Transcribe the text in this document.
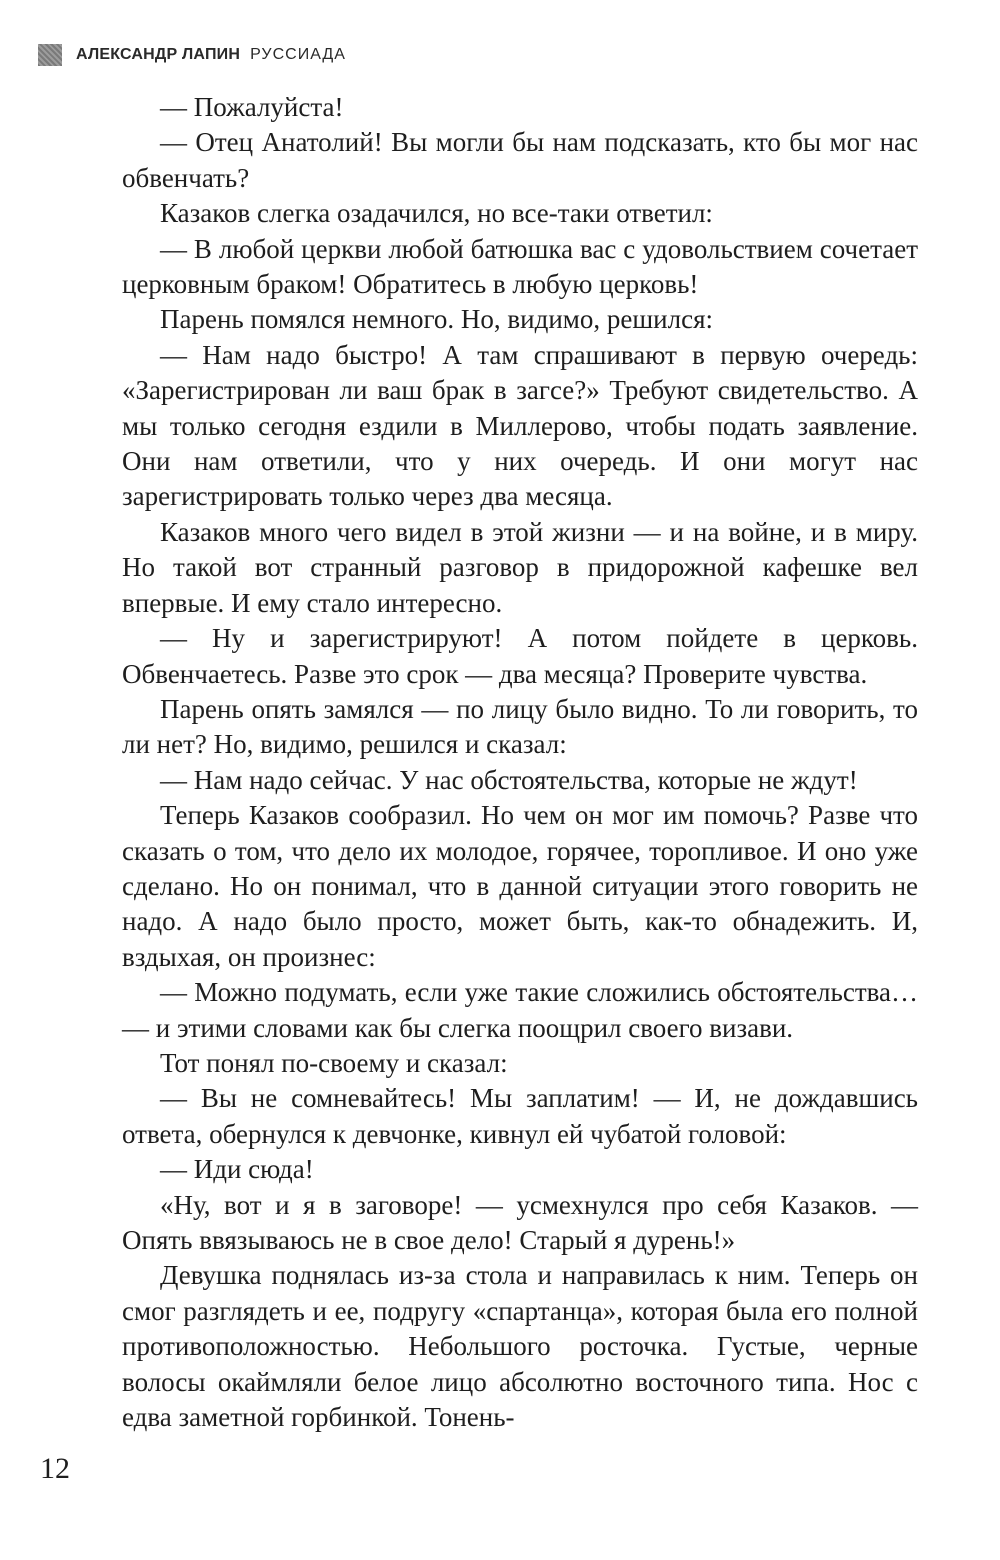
АЛЕКСАНДР ЛАПИН РУССИАДА

— Пожалуйста!

— Отец Анатолий! Вы могли бы нам подсказать, кто бы мог нас обвенчать?

Казаков слегка озадачился, но все-таки ответил:

— В любой церкви любой батюшка вас с удовольствием сочетает церковным браком! Обратитесь в любую церковь!

Парень помялся немного. Но, видимо, решился:

— Нам надо быстро! А там спрашивают в первую очередь: «Зарегистрирован ли ваш брак в загсе?» Требуют свидетельство. А мы только сегодня ездили в Миллерово, чтобы подать заявление. Они нам ответили, что у них очередь. И они могут нас зарегистрировать только через два месяца.

Казаков много чего видел в этой жизни — и на войне, и в миру. Но такой вот странный разговор в придорожной кафешке вел впервые. И ему стало интересно.

— Ну и зарегистрируют! А потом пойдете в церковь. Обвенчаетесь. Разве это срок — два месяца? Проверите чувства.

Парень опять замялся — по лицу было видно. То ли говорить, то ли нет? Но, видимо, решился и сказал:

— Нам надо сейчас. У нас обстоятельства, которые не ждут!

Теперь Казаков сообразил. Но чем он мог им помочь? Разве что сказать о том, что дело их молодое, горячее, торопливое. И оно уже сделано. Но он понимал, что в данной ситуации этого говорить не надо. А надо было просто, может быть, как-то обнадежить. И, вздыхая, он произнес:

— Можно подумать, если уже такие сложились обстоятельства… — и этими словами как бы слегка поощрил своего визави.

Тот понял по-своему и сказал:

— Вы не сомневайтесь! Мы заплатим! — И, не дождавшись ответа, обернулся к девчонке, кивнул ей чубатой головой:

— Иди сюда!

«Ну, вот и я в заговоре! — усмехнулся про себя Казаков. — Опять ввязываюсь не в свое дело! Старый я дурень!»

Девушка поднялась из-за стола и направилась к ним. Теперь он смог разглядеть и ее, подругу «спартанца», которая была его полной противоположностью. Небольшого росточка. Густые, черные волосы окаймляли белое лицо абсолютно восточного типа. Нос с едва заметной горбинкой. Тонень-

12
